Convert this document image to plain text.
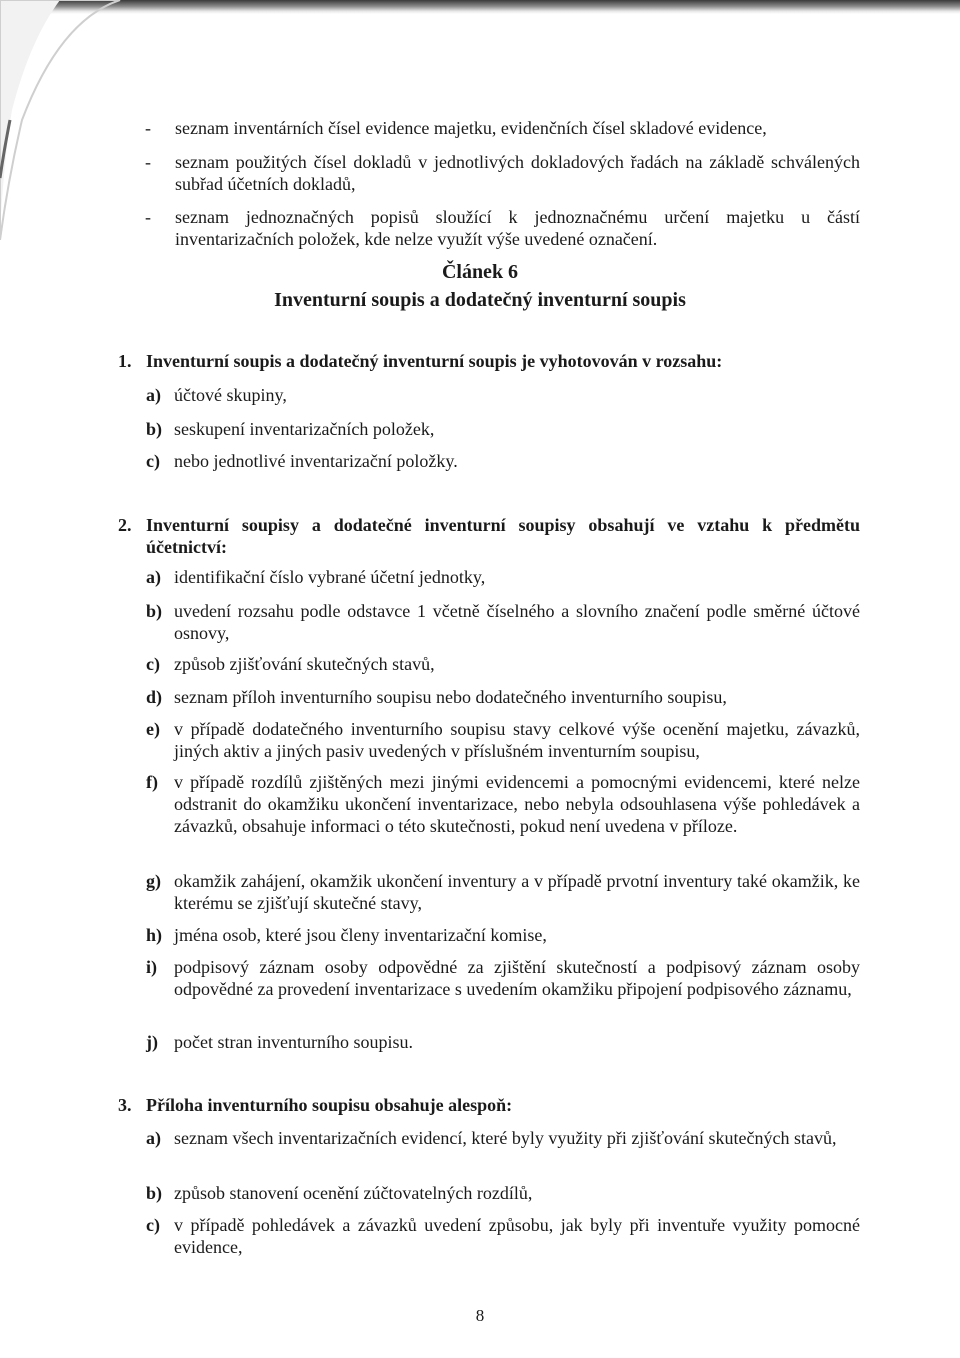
- seznam inventárních čísel evidence majetku, evidenčních čísel skladové evidence,
- seznam použitých čísel dokladů v jednotlivých dokladových řadách na základě schválených subřad účetních dokladů,
- seznam jednoznačných popisů sloužící k jednoznačnému určení majetku u částí inventarizačních položek, kde nelze využít výše uvedené označení.
Článek 6
Inventurní soupis a dodatečný inventurní soupis
1. Inventurní soupis a dodatečný inventurní soupis je vyhotovován v rozsahu:
a) účtové skupiny,
b) seskupení inventarizačních položek,
c) nebo jednotlivé inventarizační položky.
2. Inventurní soupisy a dodatečné inventurní soupisy obsahují ve vztahu k předmětu účetnictví:
a) identifikační číslo vybrané účetní jednotky,
b) uvedení rozsahu podle odstavce 1 včetně číselného a slovního značení podle směrné účtové osnovy,
c) způsob zjišťování skutečných stavů,
d) seznam příloh inventurního soupisu nebo dodatečného inventurního soupisu,
e) v případě dodatečného inventurního soupisu stavy celkové výše ocenění majetku, závazků, jiných aktiv a jiných pasiv uvedených v příslušném inventurním soupisu,
f) v případě rozdílů zjištěných mezi jinými evidencemi a pomocnými evidencemi, které nelze odstranit do okamžiku ukončení inventarizace, nebo nebyla odsouhlasena výše pohledávek a závazků, obsahuje informaci o této skutečnosti, pokud není uvedena v příloze.
g) okamžik zahájení, okamžik ukončení inventury a v případě prvotní inventury také okamžik, ke kterému se zjišťují skutečné stavy,
h) jména osob, které jsou členy inventarizační komise,
i) podpisový záznam osoby odpovědné za zjištění skutečností a podpisový záznam osoby odpovědné za provedení inventarizace s uvedením okamžiku připojení podpisového záznamu,
j) počet stran inventurního soupisu.
3. Příloha inventurního soupisu obsahuje alespoň:
a) seznam všech inventarizačních evidencí, které byly využity při zjišťování skutečných stavů,
b) způsob stanovení ocenění zúčtovatelných rozdílů,
c) v případě pohledávek a závazků uvedení způsobu, jak byly při inventuře využity pomocné evidence,
8
